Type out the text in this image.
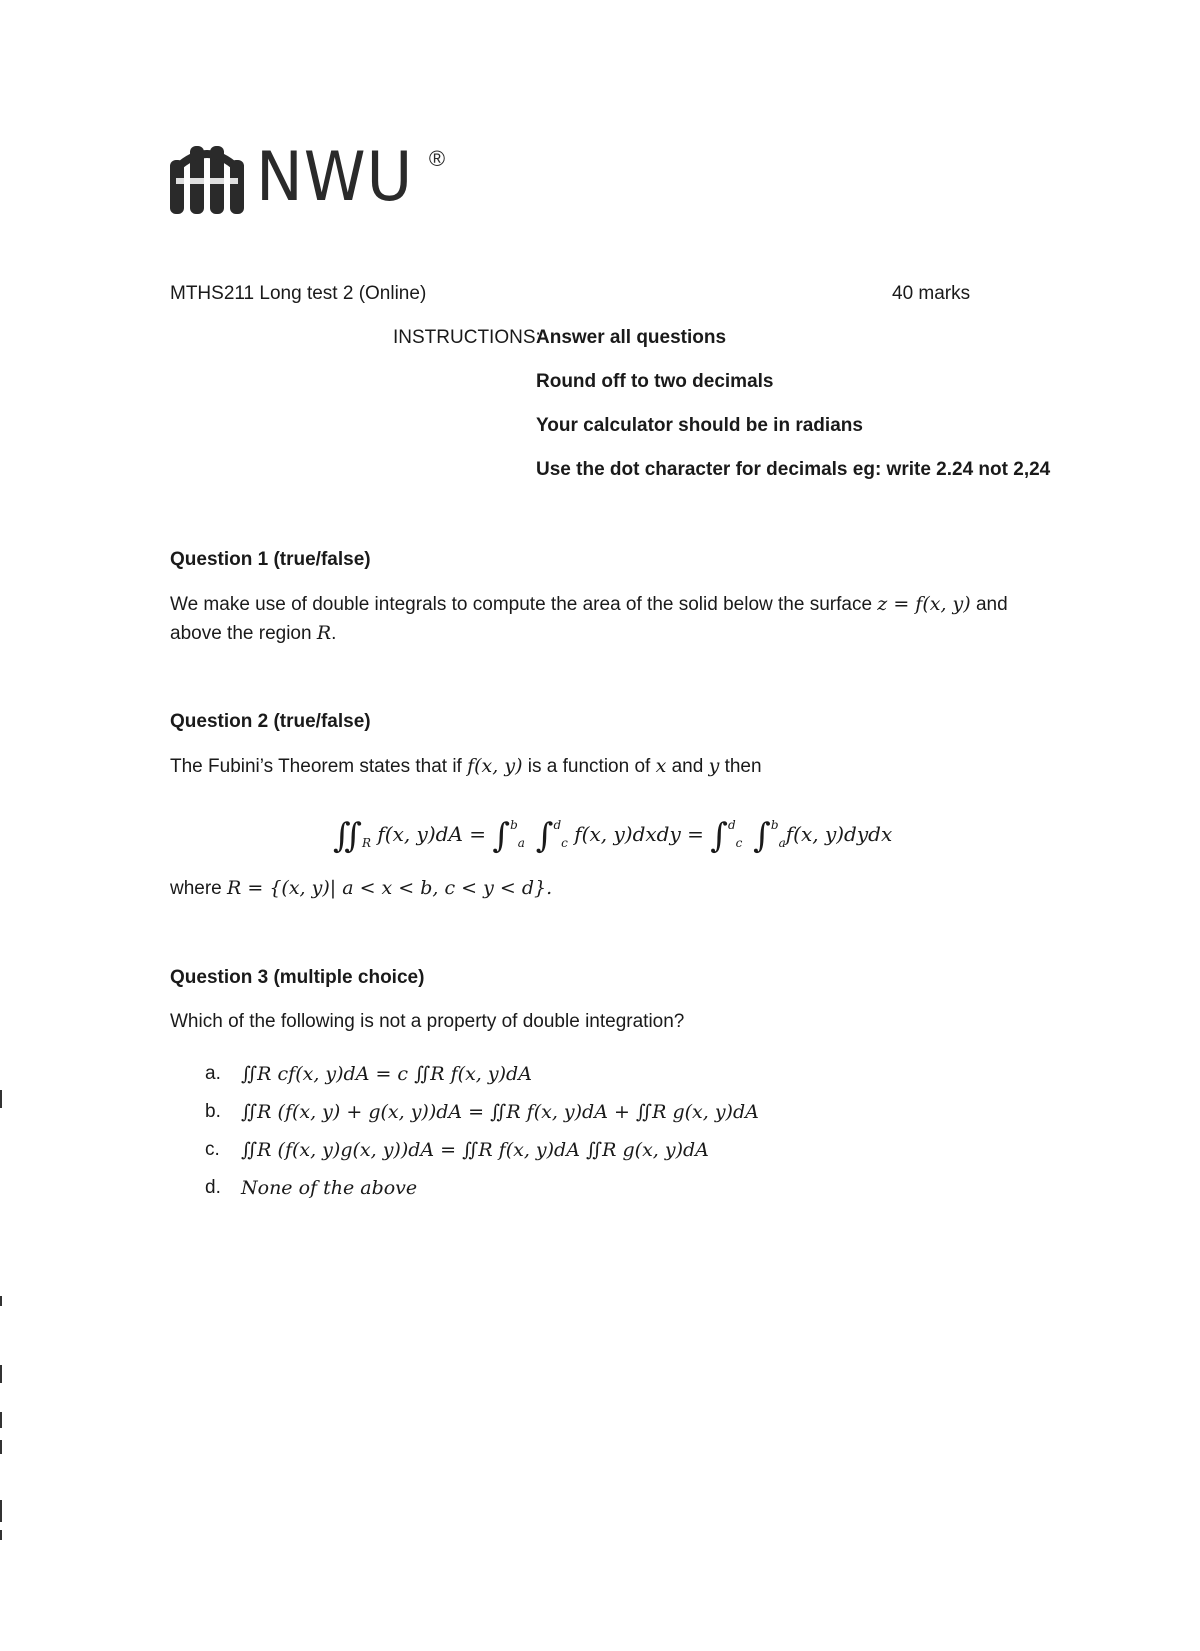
NWU ®
MTHS211 Long test 2 (Online)	40 marks
INSTRUCTIONS:
Answer all questions
Round off to two decimals
Your calculator should be in radians
Use the dot character for decimals eg: write 2.24 not 2,24
Question 1 (true/false)
We make use of double integrals to compute the area of the solid below the surface z = f(x, y) and
above the region R.
Question 2 (true/false)
The Fubini’s Theorem states that if f(x, y) is a function of x and y then
$∬_R$ f(x, y)dA = ∫$^b_a$ ∫$^d_c$ f(x, y)dxdy = ∫$^d_c$ ∫$^b_a$f(x, y)dydx
where R = {(x, y)| a < x < b, c < y < d}.
Question 3 (multiple choice)
Which of the following is not a property of double integration?
a.	∬R cf(x, y)dA = c ∬R f(x, y)dA
b.	∬R (f(x, y) + g(x, y))dA = ∬R f(x, y)dA + ∬R g(x, y)dA
c.	∬R (f(x, y)g(x, y))dA = ∬R f(x, y)dA ∬R g(x, y)dA
d.	None of the above
